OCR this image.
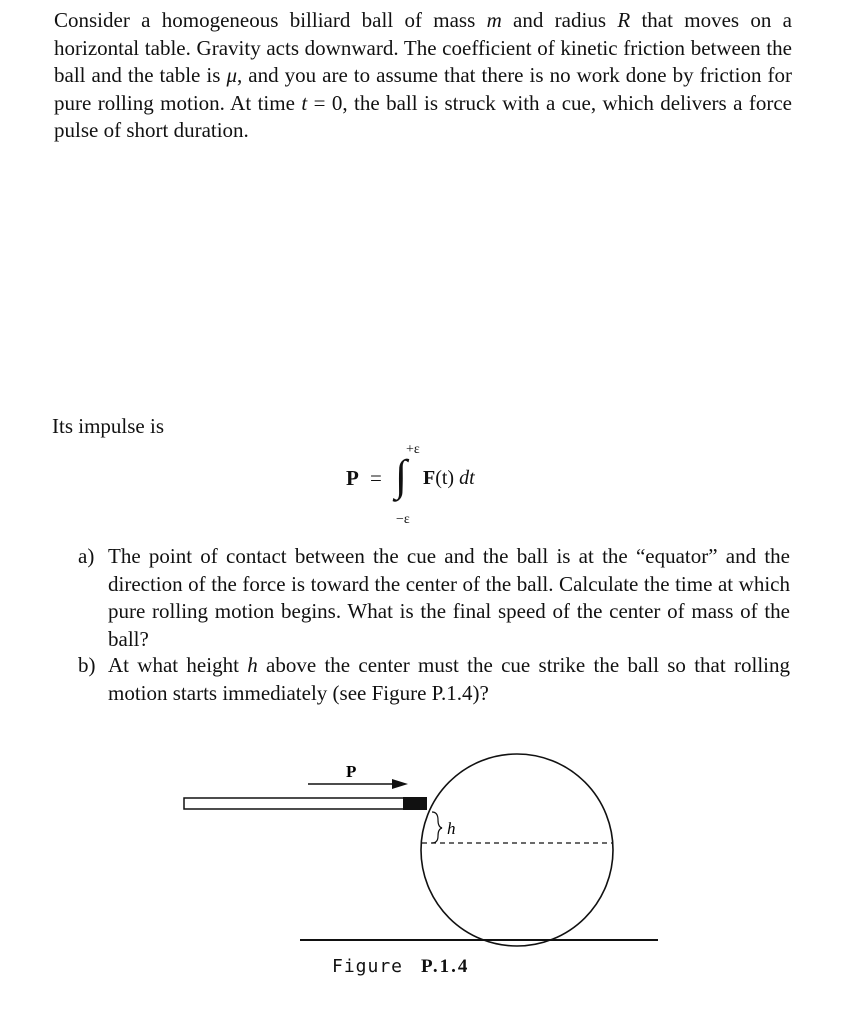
Consider a homogeneous billiard ball of mass m and radius R that moves on a horizontal table. Gravity acts downward. The coefficient of kinetic friction between the ball and the table is μ, and you are to assume that there is no work done by friction for pure rolling motion. At time t = 0, the ball is struck with a cue, which delivers a force pulse of short duration.

Its impulse is

P =
+ε
∫
−ε
F(t) dt
a) The point of contact between the cue and the ball is at the “equator” and the direction of the force is toward the center of the ball. Calculate the time at which pure rolling motion begins. What is the final speed of the center of mass of the ball?
b) At what height h above the center must the cue strike the ball so that rolling motion starts immediately (see Figure P.1.4)?
P
h
Figure P.1.4
